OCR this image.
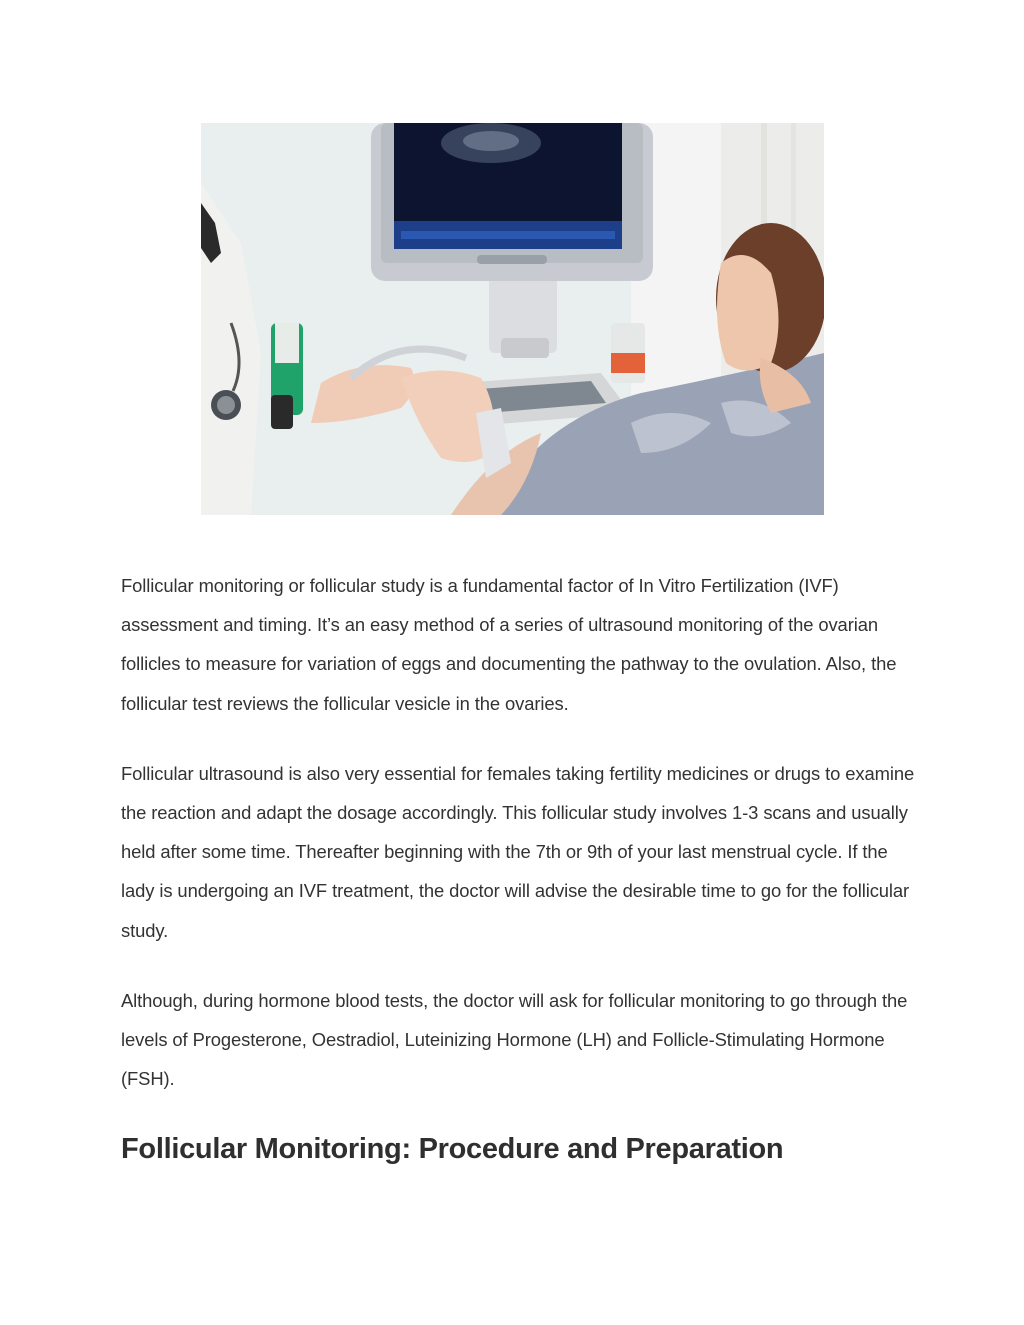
Follicular monitoring or follicular study is a fundamental factor of In Vitro Fertilization (IVF) assessment and timing. It’s an easy method of a series of ultrasound monitoring of the ovarian follicles to measure for variation of eggs and documenting the pathway to the ovulation. Also, the follicular test reviews the follicular vesicle in the ovaries.

Follicular ultrasound is also very essential for females taking fertility medicines or drugs to examine the reaction and adapt the dosage accordingly. This follicular study involves 1-3 scans and usually held after some time. Thereafter beginning with the 7th or 9th of your last menstrual cycle. If the lady is undergoing an IVF treatment, the doctor will advise the desirable time to go for the follicular study.

Although, during hormone blood tests, the doctor will ask for follicular monitoring to go through the levels of Progesterone, Oestradiol, Luteinizing Hormone (LH) and Follicle-Stimulating Hormone (FSH).

Follicular Monitoring: Procedure and Preparation
